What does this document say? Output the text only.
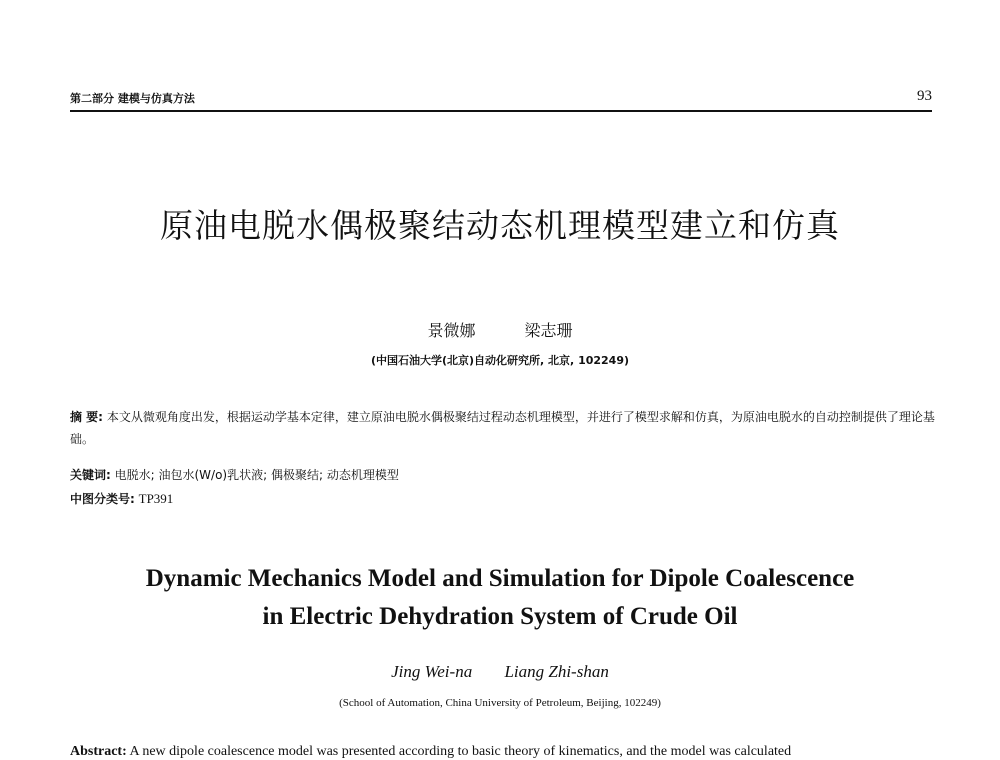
第二部分 建模与仿真方法	93
原油电脱水偶极聚结动态机理模型建立和仿真
景微娜	梁志珊
(中国石油大学(北京)自动化研究所, 北京, 102249)
摘 要: 本文从微观角度出发，根据运动学基本定律，建立原油电脱水偶极聚结过程动态机理模型，并进行了模型求解和仿真，为原油电脱水的自动控制提供了理论基础。
关键词: 电脱水; 油包水(W/o)乳状液; 偶极聚结; 动态机理模型
中图分类号: TP391
Dynamic Mechanics Model and Simulation for Dipole Coalescence
in Electric Dehydration System of Crude Oil
Jing Wei-na Liang Zhi-shan
(School of Automation, China University of Petroleum, Beijing, 102249)
Abstract: A new dipole coalescence model was presented according to basic theory of kinematics, and the model was calculated
